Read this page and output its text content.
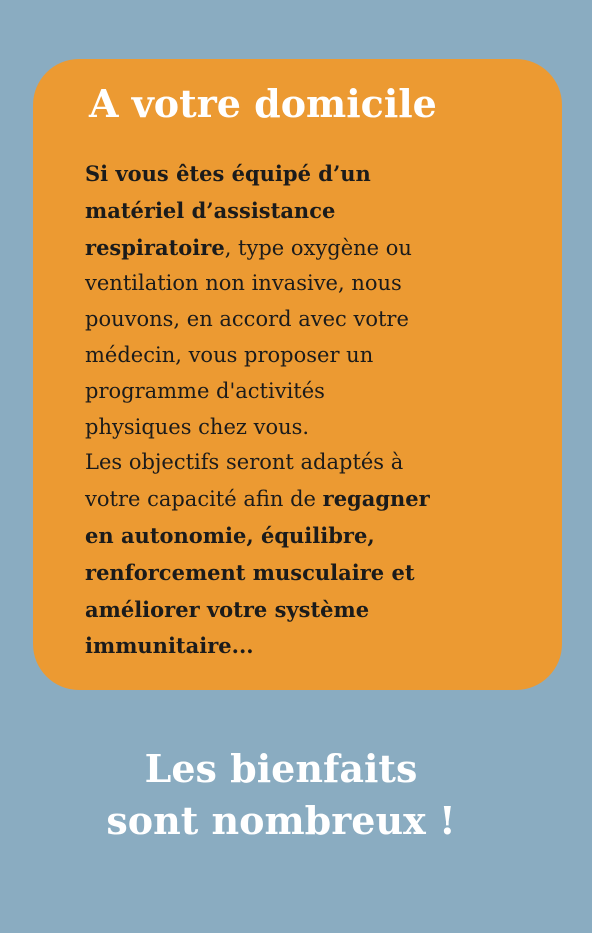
A votre domicile

Si vous êtes équipé d’un
matériel d’assistance
respiratoire, type oxygène ou
ventilation non invasive, nous
pouvons, en accord avec votre
médecin, vous proposer un
programme d'activités
physiques chez vous.
Les objectifs seront adaptés à
votre capacité afin de regagner
en autonomie, équilibre,
renforcement musculaire et
améliorer votre système
immunitaire...

Les bienfaits
sont nombreux !
